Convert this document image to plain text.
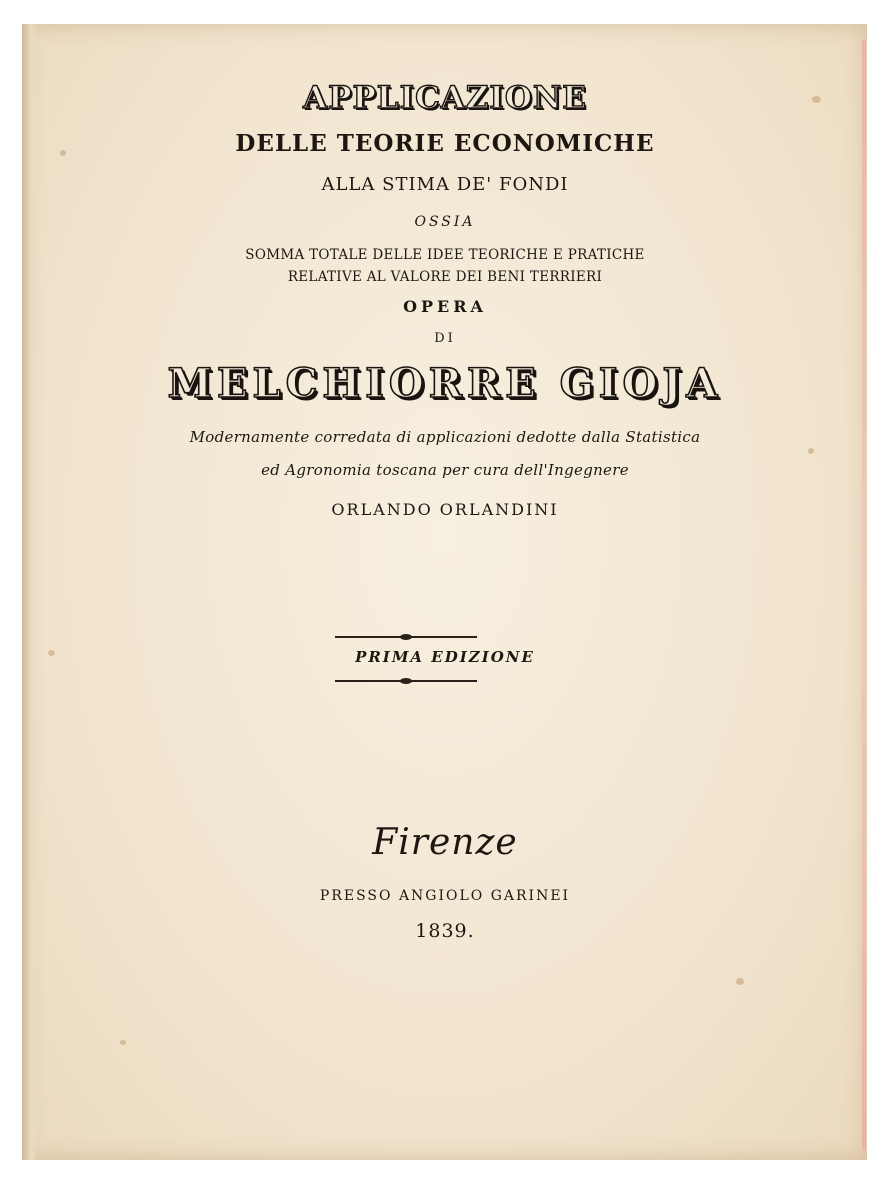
APPLICAZIONE
DELLE TEORIE ECONOMICHE
ALLA STIMA DE' FONDI
OSSIA
SOMMA TOTALE DELLE IDEE TEORICHE E PRATICHE
RELATIVE AL VALORE DEI BENI TERRIERI
OPERA
DI
MELCHIORRE GIOJA
Modernamente corredata di applicazioni dedotte dalla Statistica
ed Agronomia toscana per cura dell'Ingegnere
ORLANDO ORLANDINI
PRIMA EDIZIONE
Firenze
PRESSO ANGIOLO GARINEI
1839.
